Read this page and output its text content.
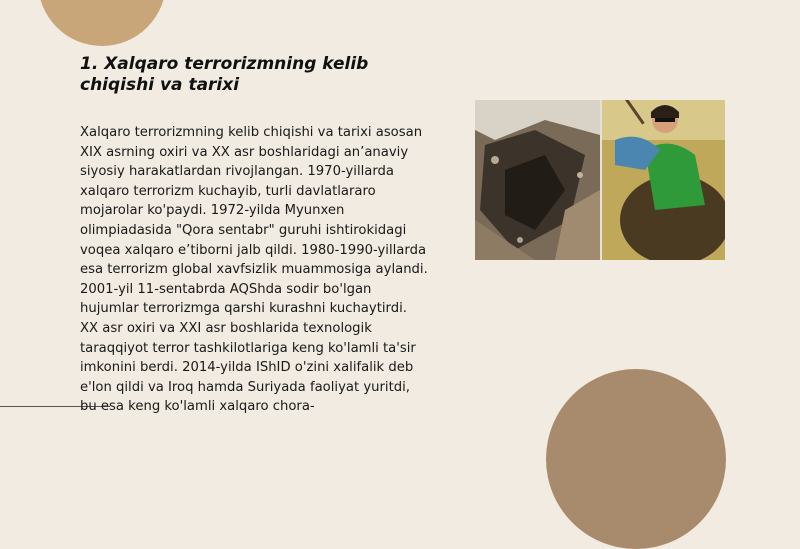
1. Xalqaro terrorizmning kelib chiqishi va tarixi

Xalqaro terrorizmning kelib chiqishi va tarixi asosan XIX asrning oxiri va XX asr boshlaridagi an’anaviy siyosiy harakatlardan rivojlangan. 1970-yillarda xalqaro terrorizm kuchayib, turli davlatlararo mojarolar ko'paydi. 1972-yilda Myunxen olimpiadasida "Qora sentabr" guruhi ishtirokidagi voqea xalqaro e’tiborni jalb qildi. 1980-1990-yillarda esa terrorizm global xavfsizlik muammosiga aylandi. 2001-yil 11-sentabrda AQShda sodir bo'lgan hujumlar terrorizmga qarshi kurashni kuchaytirdi. XX asr oxiri va XXI asr boshlarida texnologik taraqqiyot terror tashkilotlariga keng ko'lamli ta'sir imkonini berdi. 2014-yilda IShID o'zini xalifalik deb e'lon qildi va Iroq hamda Suriyada faoliyat yuritdi, bu esa keng ko'lamli xalqaro chora-
